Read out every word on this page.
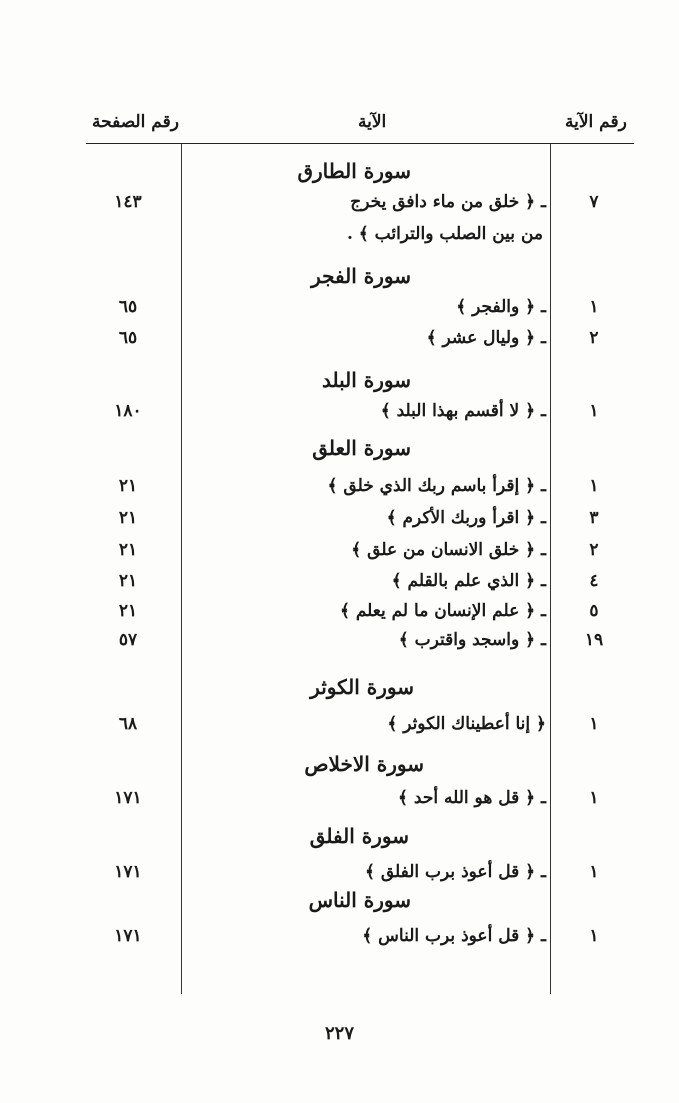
رقم الصفحة	الآية	رقم الآية
سورة الطارق
سورة الفجر
سورة البلد
سورة العلق
سورة الكوثر
سورة الاخلاص
سورة الفلق
سورة الناس
٧
ـ ﴿ خلق من ماء دافق يخرج
١٤٣
من بين الصلب والترائب ﴾ .
١
ـ ﴿ والفجر ﴾
٦٥
٢
ـ ﴿ وليال عشر ﴾
٦٥
١
ـ ﴿ لا أقسم بهذا البلد ﴾
١٨٠
١
ـ ﴿ إقرأ باسم ربك الذي خلق ﴾
٢١
٣
ـ ﴿ اقرأ وربك الأكرم ﴾
٢١
٢
ـ ﴿ خلق الانسان من علق ﴾
٢١
٤
ـ ﴿ الذي علم بالقلم ﴾
٢١
٥
ـ ﴿ علم الإنسان ما لم يعلم ﴾
٢١
١٩
ـ ﴿ واسجد واقترب ﴾
٥٧
١
﴿ إنا أعطيناك الكوثر ﴾
٦٨
١
ـ ﴿ قل هو الله أحد ﴾
١٧١
١
ـ ﴿ قل أعوذ برب الفلق ﴾
١٧١
١
ـ ﴿ قل أعوذ برب الناس ﴾
١٧١
٢٢٧
